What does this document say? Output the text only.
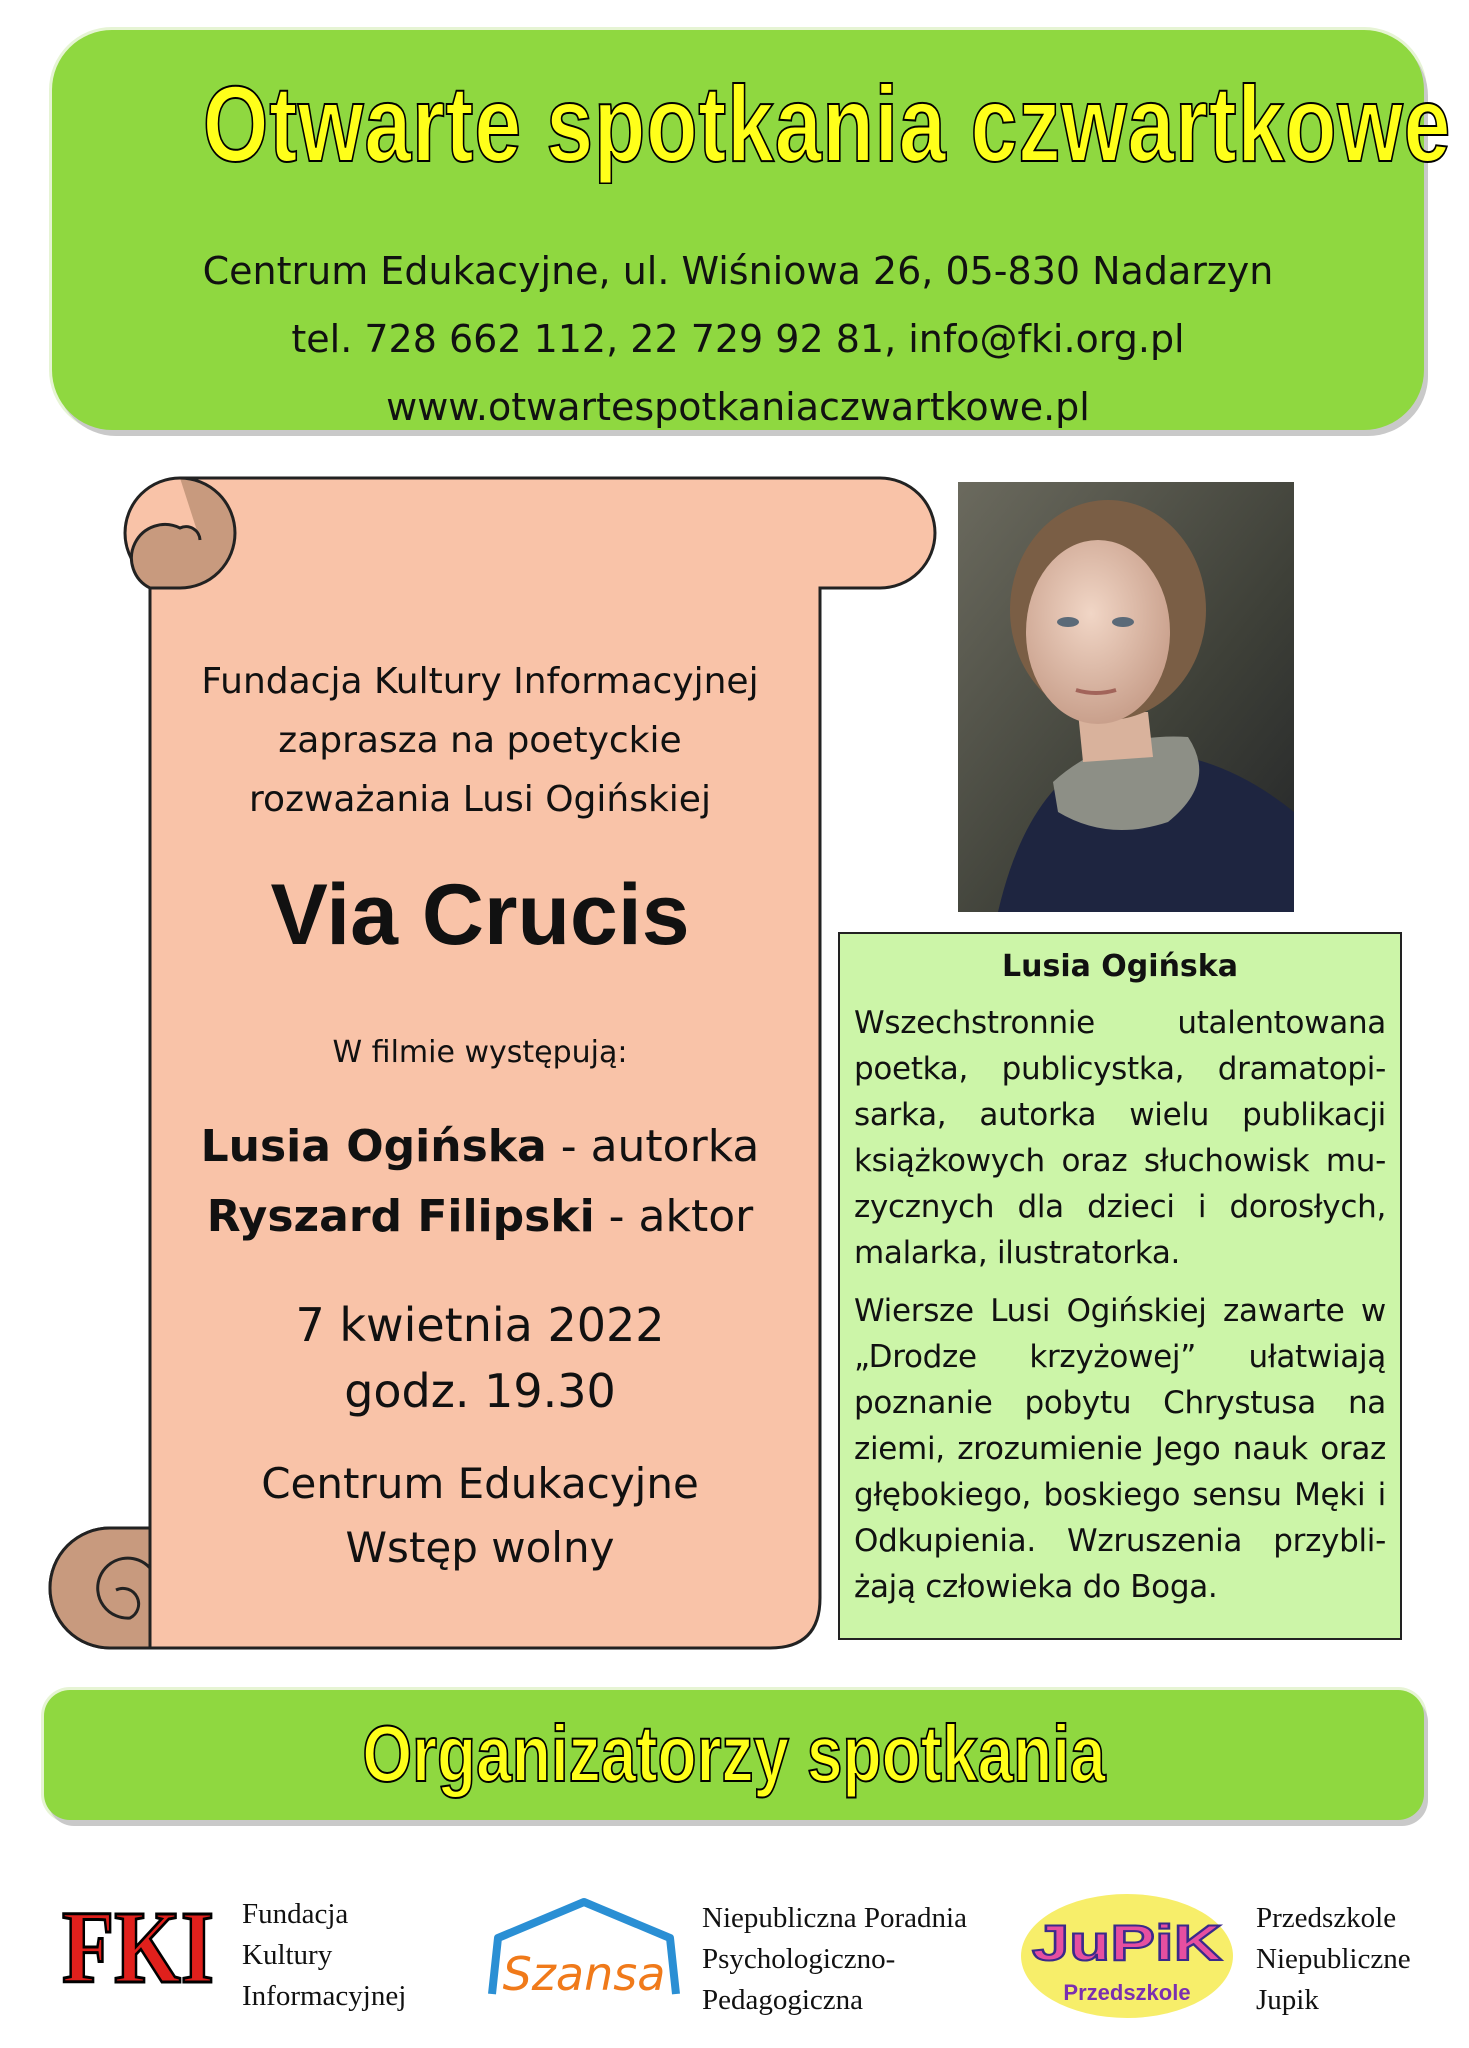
Otwarte spotkania czwartkowe
Centrum Edukacyjne, ul. Wiśniowa 26, 05-830 Nadarzyn
tel. 728 662 112, 22 729 92 81, info@fki.org.pl
www.otwartespotkaniaczwartkowe.pl
Fundacja Kultury Informacyjnej
zaprasza na poetyckie
rozważania Lusi Ogińskiej
Via Crucis
W filmie występują:
Lusia Ogińska - autorka
Ryszard Filipski - aktor
7 kwietnia 2022
godz. 19.30
Centrum Edukacyjne
Wstęp wolny
Lusia Ogińska

Wszechstronnie utalentowana poetka, publicystka, dramatopi-sarka, autorka wielu publikacji książkowych oraz słuchowisk mu-zycznych dla dzieci i dorosłych, malarka, ilustratorka.

Wiersze Lusi Ogińskiej zawarte w „Drodze krzyżowej” ułatwiają poznanie pobytu Chrystusa na ziemi, zrozumienie Jego nauk oraz głębokiego, boskiego sensu Męki i Odkupienia. Wzruszenia przybli-żają człowieka do Boga.

Organizatorzy spotkania
FKI Fundacja
Kultury
Informacyjnej Szansa
Niepubliczna Poradnia
Psychologiczno-
Pedagogiczna
JuPiK
Przedszkole
Przedszkole
Niepubliczne
Jupik
